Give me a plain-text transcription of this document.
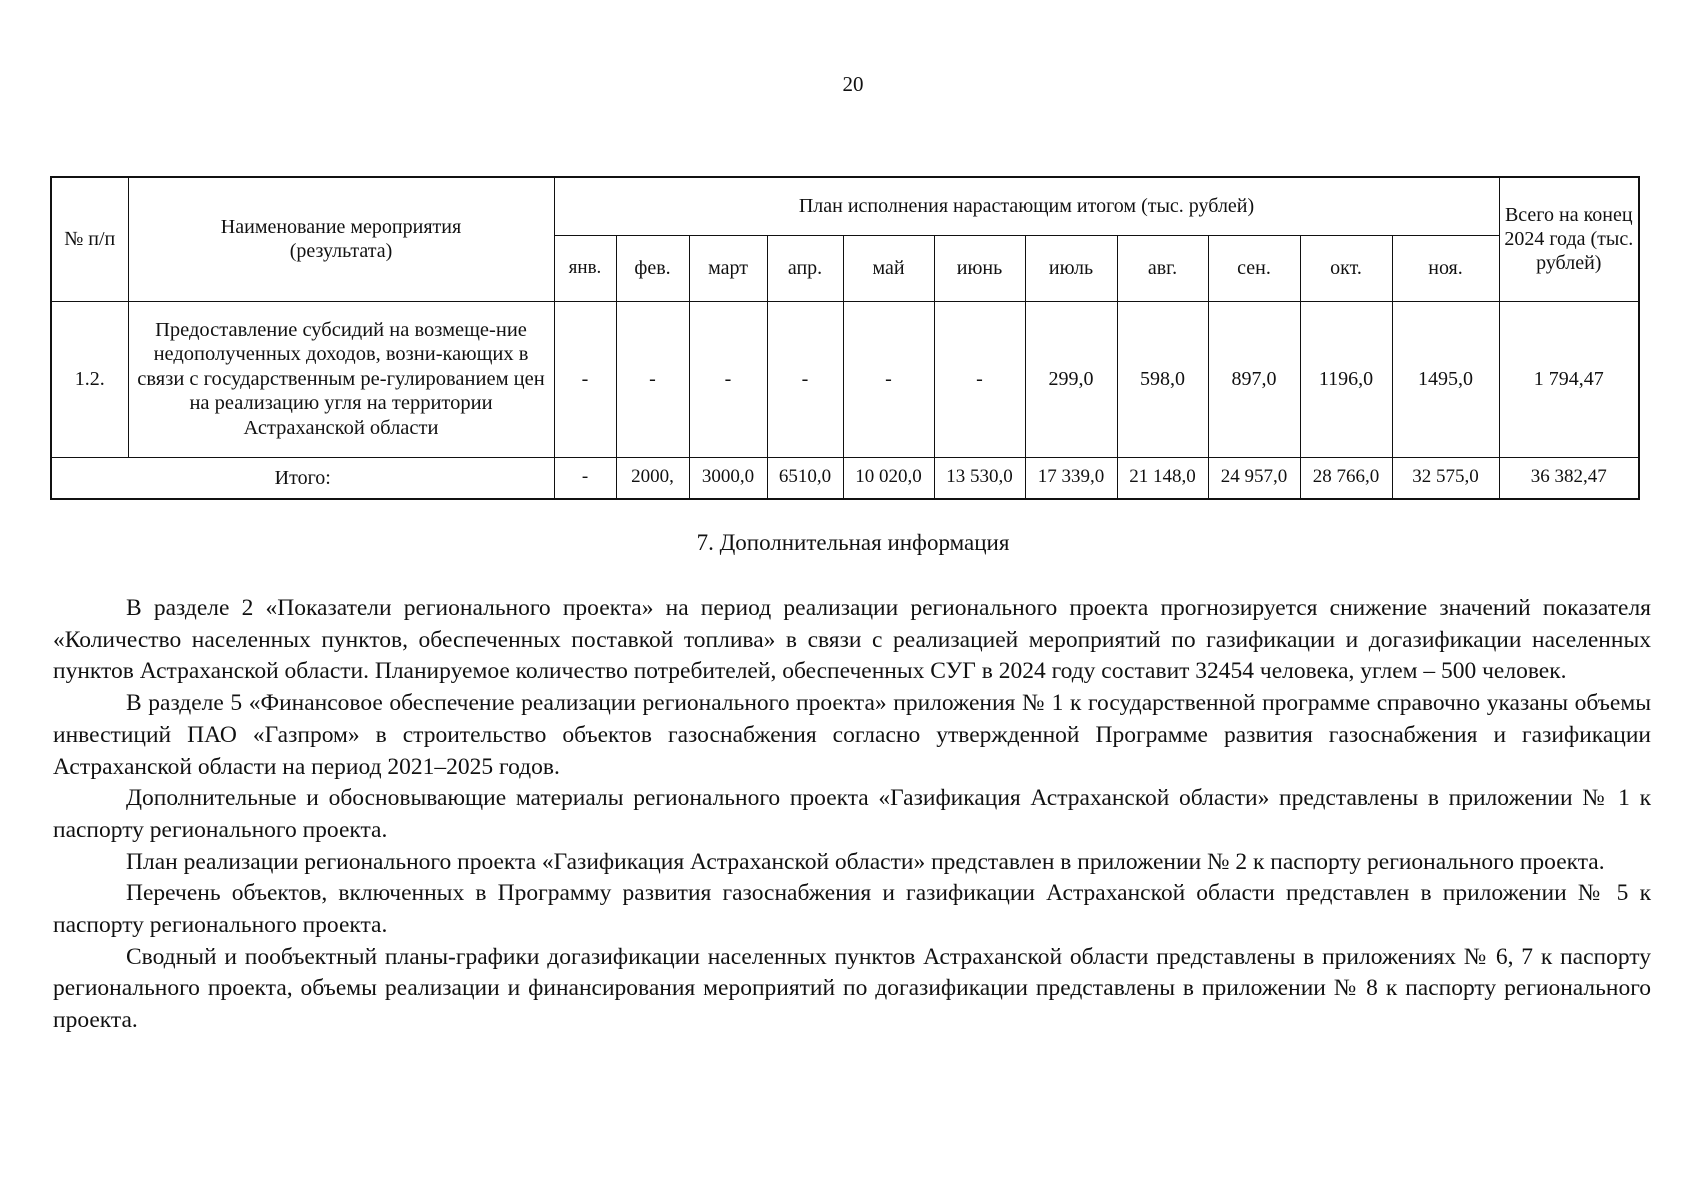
20
№ п/п	Наименование мероприятия (результата)	План исполнения нарастающим итогом (тыс. рублей)											Всего на конец 2024 года (тыс. рублей)
		янв.	фев.	март	апр.	май	июнь	июль	авг.	сен.	окт.	ноя.	
1.2.	Предоставление субсидий на возмеще-ние недополученных доходов, возни-кающих в связи с государственным ре-гулированием цен на реализацию угля на территории Астраханской области	-	-	-	-	-	-	299,0	598,0	897,0	1196,0	1495,0	1 794,47
Итого:		-	2000,	3000,0	6510,0	10 020,0	13 530,0	17 339,0	21 148,0	24 957,0	28 766,0	32 575,0	36 382,47
7. Дополнительная информация

В разделе 2 «Показатели регионального проекта» на период реализации регионального проекта прогнозируется снижение значений показателя «Количество населенных пунктов, обеспеченных поставкой топлива» в связи с реализацией мероприятий по газификации и догазификации населенных пунктов Астраханской области. Планируемое количество потребителей, обеспеченных СУГ в 2024 году составит 32454 человека, углем – 500 человек.

В разделе 5 «Финансовое обеспечение реализации регионального проекта» приложения № 1 к государственной программе справочно указаны объемы инвестиций ПАО «Газпром» в строительство объектов газоснабжения согласно утвержденной Программе развития газоснабжения и газификации Астраханской области на период 2021–2025 годов.

Дополнительные и обосновывающие материалы регионального проекта «Газификация Астраханской области» представлены в приложении № 1 к паспорту регионального проекта.

План реализации регионального проекта «Газификация Астраханской области» представлен в приложении № 2 к паспорту регионального проекта.

Перечень объектов, включенных в Программу развития газоснабжения и газификации Астраханской области представлен в приложении № 5 к паспорту регионального проекта.

Сводный и пообъектный планы-графики догазификации населенных пунктов Астраханской области представлены в приложениях № 6, 7 к паспорту регионального проекта, объемы реализации и финансирования мероприятий по догазификации представлены в приложении № 8 к паспорту регионального проекта.
